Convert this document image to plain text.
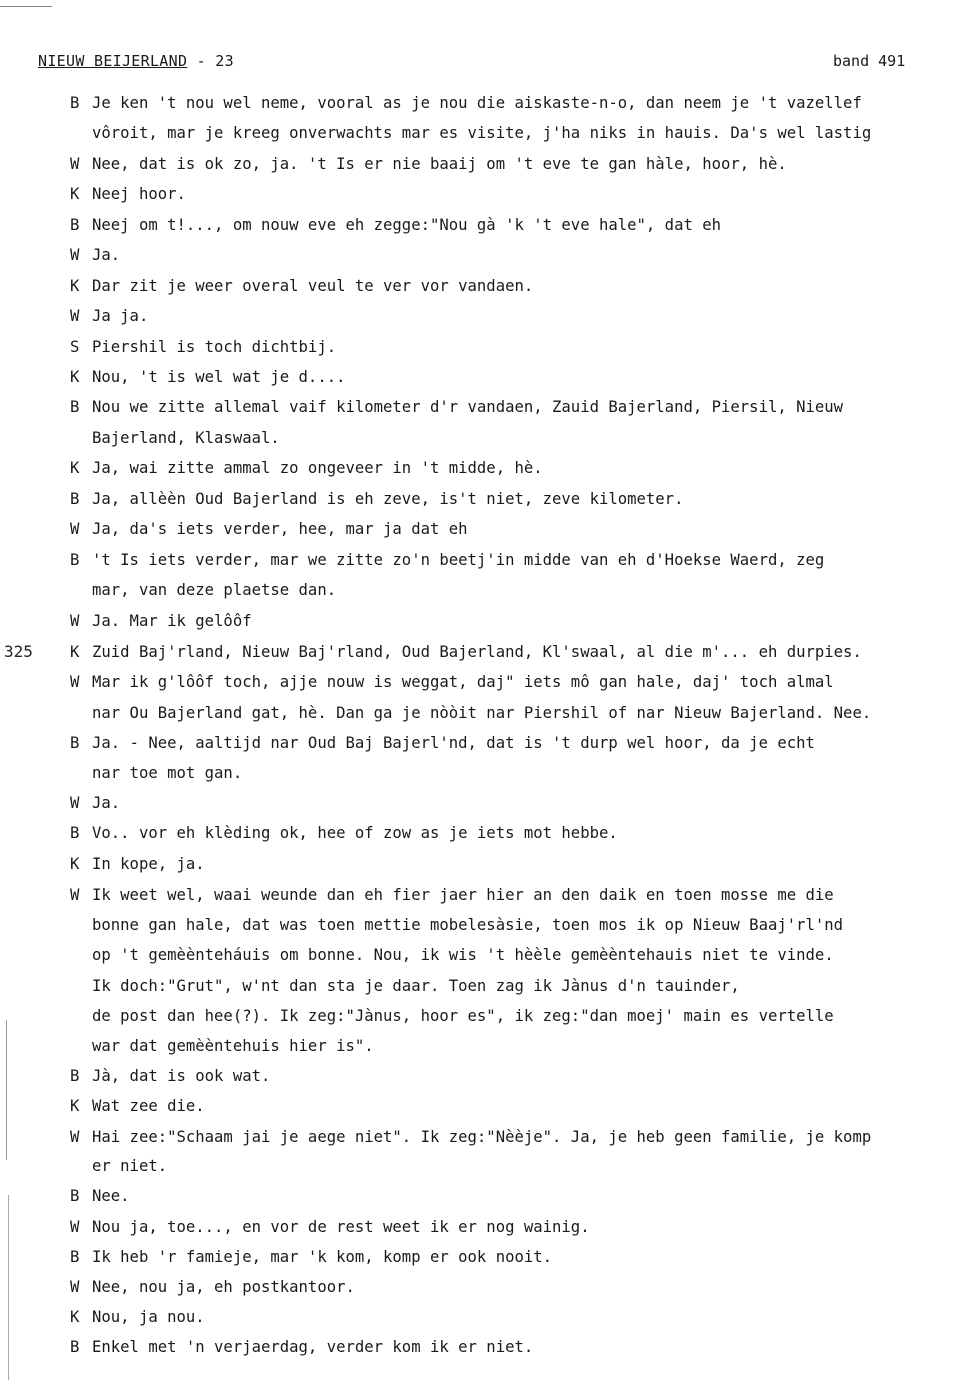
NIEUW BEIJERLAND - 23	band 491
325
B Je ken 't nou wel neme, vooral as je nou die aiskaste-n-o, dan neem je 't vazellef
vôroit, mar je kreeg onverwachts mar es visite, j'ha niks in hauis. Da's wel lastig
W Nee, dat is ok zo, ja. 't Is er nie baaij om 't eve te gan hàle, hoor, hè.
K Neej hoor.
B Neej om t!..., om nouw eve eh zegge:"Nou gà 'k 't eve hale", dat eh
W Ja.
K Dar zit je weer overal veul te ver vor vandaen.
W Ja ja.
S Piershil is toch dichtbij.
K Nou, 't is wel wat je d....
B Nou we zitte allemal vaif kilometer d'r vandaen, Zauid Bajerland, Piersil, Nieuw
Bajerland, Klaswaal.
K Ja, wai zitte ammal zo ongeveer in 't midde, hè.
B Ja, allèèn Oud Bajerland is eh zeve, is't niet, zeve kilometer.
W Ja, da's iets verder, hee, mar ja dat eh
B 't Is iets verder, mar we zitte zo'n beetj'in midde van eh d'Hoekse Waerd, zeg
mar, van deze plaetse dan.
W Ja. Mar ik gelôôf
K Zuid Baj'rland, Nieuw Baj'rland, Oud Bajerland, Kl'swaal, al die m'... eh durpies.
W Mar ik g'lôôf toch, ajje nouw is weggat, daj" iets mô gan hale, daj' toch almal
nar Ou Bajerland gat, hè. Dan ga je nòòit nar Piershil of nar Nieuw Bajerland. Nee.
B Ja. - Nee, aaltijd nar Oud Baj Bajerl'nd, dat is 't durp wel hoor, da je echt
nar toe mot gan.
W Ja.
B Vo.. vor eh klèding ok, hee of zow as je iets mot hebbe.
K In kope, ja.
W Ik weet wel, waai weunde dan eh fier jaer hier an den daik en toen mosse me die
bonne gan hale, dat was toen mettie mobelesàsie, toen mos ik op Nieuw Baaj'rl'nd
op 't gemèènteháuis om bonne. Nou, ik wis 't hèèle gemèèntehauis niet te vinde.
Ik doch:"Grut", w'nt dan sta je daar. Toen zag ik Jànus d'n tauinder,
de post dan hee(?). Ik zeg:"Jànus, hoor es", ik zeg:"dan moej' main es vertelle
war dat gemèèntehuis hier is".
B Jà, dat is ook wat.
K Wat zee die.
W Hai zee:"Schaam jai je aege niet". Ik zeg:"Nèèje". Ja, je heb geen familie, je komp
er niet.
B Nee.
W Nou ja, toe..., en vor de rest weet ik er nog wainig.
B Ik heb 'r famieje, mar 'k kom, komp er ook nooit.
W Nee, nou ja, eh postkantoor.
K Nou, ja nou.
B Enkel met 'n verjaerdag, verder kom ik er niet.
